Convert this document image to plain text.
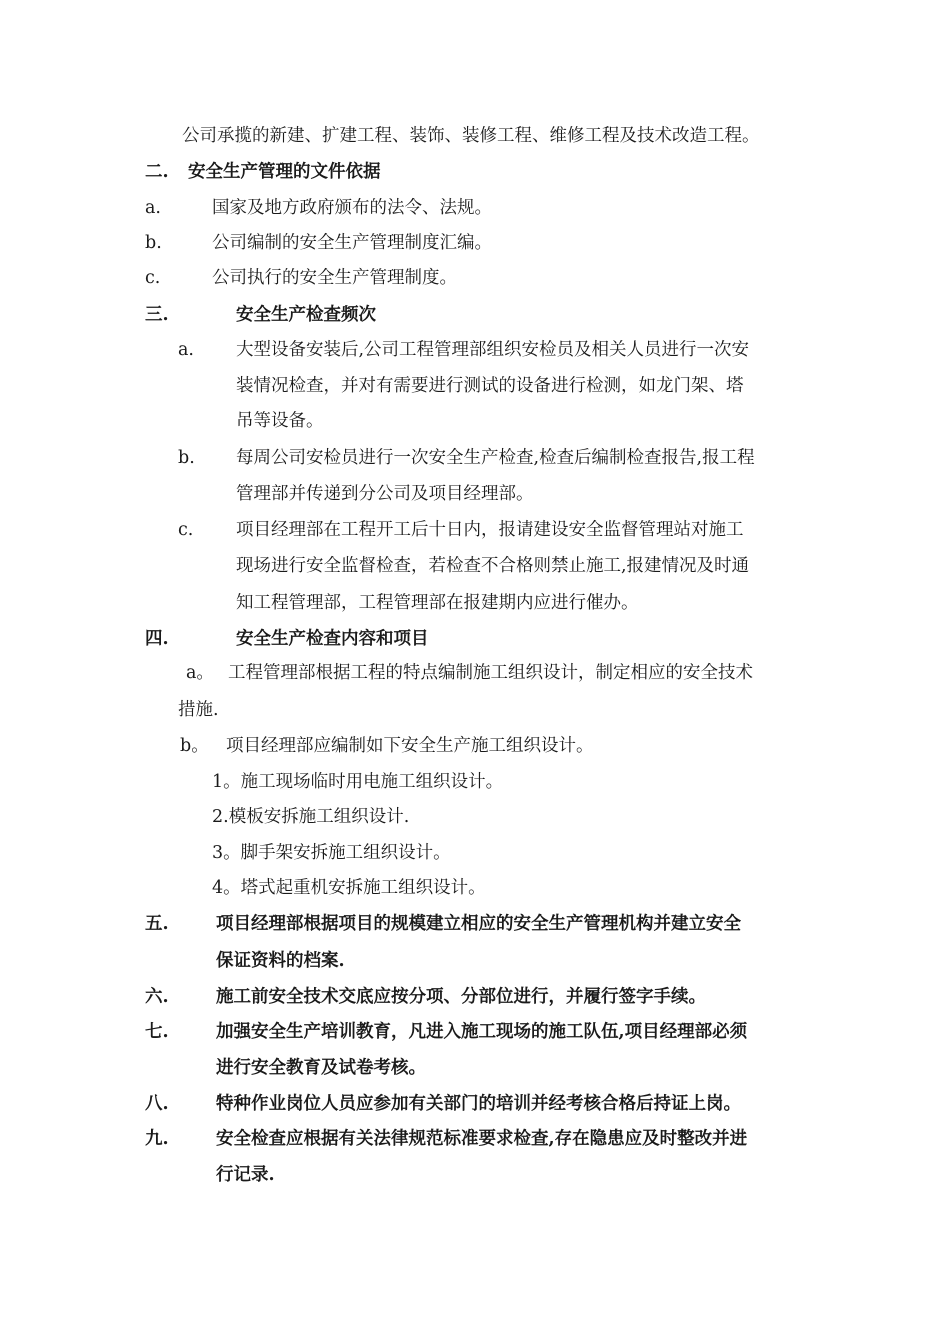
公司承揽的新建、扩建工程、装饰、装修工程、维修工程及技术改造工程。
二. 安全生产管理的文件依据
a.	国家及地方政府颁布的法令、法规。
b.	公司编制的安全生产管理制度汇编。
c.	公司执行的安全生产管理制度。
三.	安全生产检查频次
a. 大型设备安装后,公司工程管理部组织安检员及相关人员进行一次安
装情况检查，并对有需要进行测试的设备进行检测，如龙门架、塔
吊等设备。
b. 每周公司安检员进行一次安全生产检查,检查后编制检查报告,报工程
管理部并传递到分公司及项目经理部。
c. 项目经理部在工程开工后十日内，报请建设安全监督管理站对施工
现场进行安全监督检查，若检查不合格则禁止施工,报建情况及时通
知工程管理部，工程管理部在报建期内应进行催办。
四.	安全生产检查内容和项目
a。 工程管理部根据工程的特点编制施工组织设计，制定相应的安全技术
措施.
b。 项目经理部应编制如下安全生产施工组织设计。
1。施工现场临时用电施工组织设计。
2.模板安拆施工组织设计.
3。脚手架安拆施工组织设计。
4。塔式起重机安拆施工组织设计。
五.	项目经理部根据项目的规模建立相应的安全生产管理机构并建立安全
保证资料的档案.
六.	施工前安全技术交底应按分项、分部位进行，并履行签字手续。
七.	加强安全生产培训教育，凡进入施工现场的施工队伍,项目经理部必须
进行安全教育及试卷考核。
八.	特种作业岗位人员应参加有关部门的培训并经考核合格后持证上岗。
九.	安全检查应根据有关法律规范标准要求检查,存在隐患应及时整改并进
行记录.
